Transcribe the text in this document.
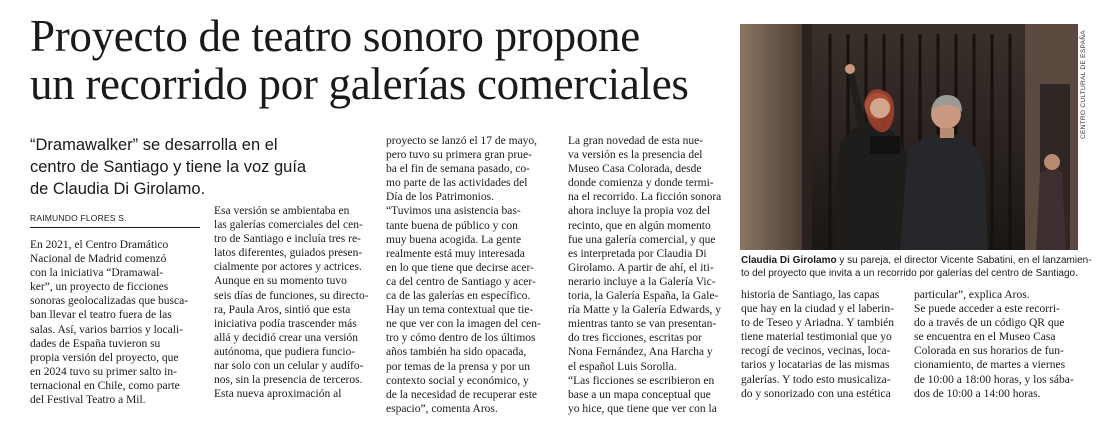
Proyecto de teatro sonoro propone
un recorrido por galerías comerciales

“Dramawalker” se desarrolla en el
centro de Santiago y tiene la voz guía
de Claudia Di Girolamo.

RAIMUNDO FLORES S.
En 2021, el Centro Dramático
Nacional de Madrid comenzó
con la iniciativa “Dramawal-
ker”, un proyecto de ficciones
sonoras geolocalizadas que busca-
ban llevar el teatro fuera de las
salas. Así, varios barrios y locali-
dades de España tuvieron su
propia versión del proyecto, que
en 2024 tuvo su primer salto in-
ternacional en Chile, como parte
del Festival Teatro a Mil.
Esa versión se ambientaba en
las galerías comerciales del cen-
tro de Santiago e incluía tres re-
latos diferentes, guiados presen-
cialmente por actores y actrices.
Aunque en su momento tuvo
seis días de funciones, su directo-
ra, Paula Aros, sintió que esta
iniciativa podía trascender más
allá y decidió crear una versión
autónoma, que pudiera funcio-
nar solo con un celular y audífo-
nos, sin la presencia de terceros.
Esta nueva aproximación al
proyecto se lanzó el 17 de mayo,
pero tuvo su primera gran prue-
ba el fin de semana pasado, co-
mo parte de las actividades del
Día de los Patrimonios.
“Tuvimos una asistencia bas-
tante buena de público y con
muy buena acogida. La gente
realmente está muy interesada
en lo que tiene que decirse acer-
ca del centro de Santiago y acer-
ca de las galerías en específico.
Hay un tema contextual que tie-
ne que ver con la imagen del cen-
tro y cómo dentro de los últimos
años también ha sido opacada,
por temas de la prensa y por un
contexto social y económico, y
de la necesidad de recuperar este
espacio”, comenta Aros.
La gran novedad de esta nue-
va versión es la presencia del
Museo Casa Colorada, desde
donde comienza y donde termi-
na el recorrido. La ficción sonora
ahora incluye la propia voz del
recinto, que en algún momento
fue una galería comercial, y que
es interpretada por Claudia Di
Girolamo. A partir de ahí, el iti-
nerario incluye a la Galería Vic-
toria, la Galería España, la Gale-
ría Matte y la Galería Edwards, y
mientras tanto se van presentan-
do tres ficciones, escritas por
Nona Fernández, Ana Harcha y
el español Luis Sorolla.
“Las ficciones se escribieron en
base a un mapa conceptual que
yo hice, que tiene que ver con la
historia de Santiago, las capas
que hay en la ciudad y el laberin-
to de Teseo y Ariadna. Y también
tiene material testimonial que yo
recogí de vecinos, vecinas, loca-
tarios y locatarias de las mismas
galerías. Y todo esto musicaliza-
do y sonorizado con una estética
particular”, explica Aros.
Se puede acceder a este recorri-
do a través de un código QR que
se encuentra en el Museo Casa
Colorada en sus horarios de fun-
cionamiento, de martes a viernes
de 10:00 a 18:00 horas, y los sába-
dos de 10:00 a 14:00 horas.
CENTRO CULTURAL DE ESPAÑA

Claudia Di Girolamo y su pareja, el director Vicente Sabatini, en el lanzamien-
to del proyecto que invita a un recorrido por galerías del centro de Santiago.
